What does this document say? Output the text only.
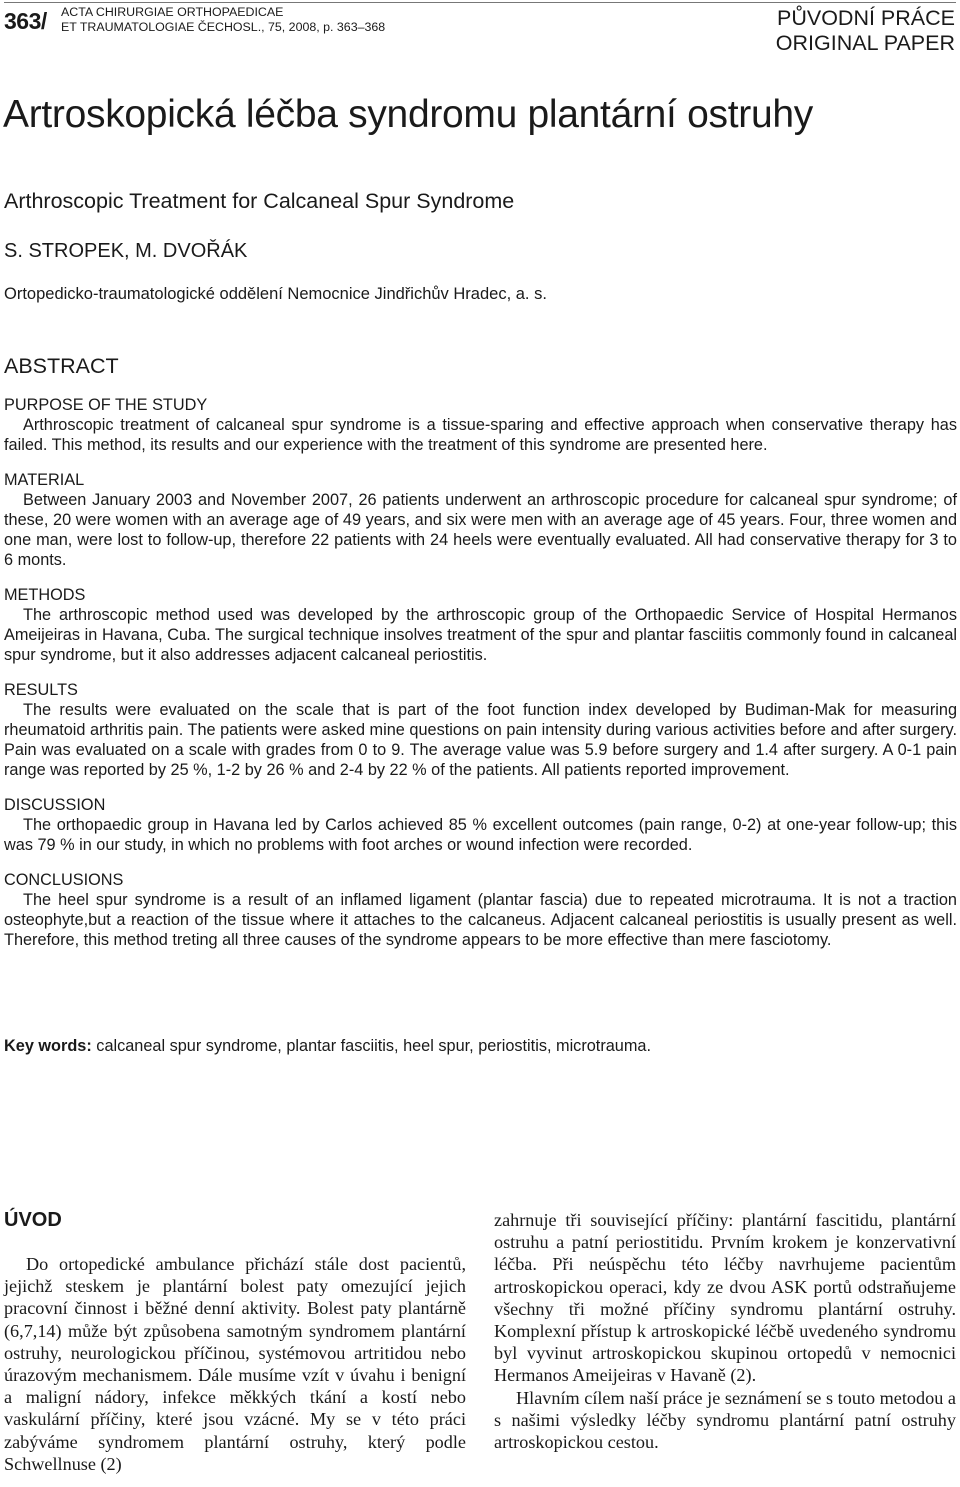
363/ ACTA CHIRURGIAE ORTHOPAEDICAE
ET TRAUMATOLOGIAE ČECHOSL., 75, 2008, p. 363–368	PŮVODNÍ PRÁCE
ORIGINAL PAPER
Artroskopická léčba syndromu plantární ostruhy
Arthroscopic Treatment for Calcaneal Spur Syndrome
S. STROPEK, M. DVOŘÁK
Ortopedicko-traumatologické oddělení Nemocnice Jindřichův Hradec, a. s.
ABSTRACT
PURPOSE OF THE STUDY
Arthroscopic treatment of calcaneal spur syndrome is a tissue-sparing and effective approach when conservative therapy has failed. This method, its results and our experience with the treatment of this syndrome are presented here.
MATERIAL
Between January 2003 and November 2007, 26 patients underwent an arthroscopic procedure for calcaneal spur syndrome; of these, 20 were women with an average age of 49 years, and six were men with an average age of 45 years. Four, three women and one man, were lost to follow-up, therefore 22 patients with 24 heels were eventually evaluated. All had conservative therapy for 3 to 6 monts.
METHODS
The arthroscopic method used was developed by the arthroscopic group of the Orthopaedic Service of Hospital Hermanos Ameijeiras in Havana, Cuba. The surgical technique insolves treatment of the spur and plantar fasciitis commonly found in calcaneal spur syndrome, but it also addresses adjacent calcaneal periostitis.
RESULTS
The results were evaluated on the scale that is part of the foot function index developed by Budiman-Mak for measuring rheumatoid arthritis pain. The patients were asked mine questions on pain intensity during various activities before and after surgery. Pain was evaluated on a scale with grades from 0 to 9. The average value was 5.9 before surgery and 1.4 after surgery. A 0-1 pain range was reported by 25 %, 1-2 by 26 % and 2-4 by 22 % of the patients. All patients reported improvement.
DISCUSSION
The orthopaedic group in Havana led by Carlos achieved 85 % excellent outcomes (pain range, 0-2) at one-year follow-up; this was 79 % in our study, in which no problems with foot arches or wound infection were recorded.
CONCLUSIONS
The heel spur syndrome is a result of an inflamed ligament (plantar fascia) due to repeated microtrauma. It is not a traction osteophyte,but a reaction of the tissue where it attaches to the calcaneus. Adjacent calcaneal periostitis is usually present as well. Therefore, this method treting all three causes of the syndrome appears to be more effective than mere fasciotomy.
Key words: calcaneal spur syndrome, plantar fasciitis, heel spur, periostitis, microtrauma.
ÚVOD

Do ortopedické ambulance přichází stále dost pacientů, jejichž steskem je plantární bolest paty omezující jejich pracovní činnost i běžné denní aktivity. Bolest paty plantárně (6,7,14) může být způsobena samotným syndromem plantární ostruhy, neurologickou příčinou, systémovou artritidou nebo úrazovým mechanismem. Dále musíme vzít v úvahu i benigní a maligní nádory, infekce měkkých tkání a kostí nebo vaskulární příčiny, které jsou vzácné. My se v této práci zabýváme syndromem plantární ostruhy, který podle Schwellnuse (2)

zahrnuje tři související příčiny: plantární fascitidu, plantární ostruhu a patní periostitidu. Prvním krokem je konzervativní léčba. Při neúspěchu této léčby navrhujeme pacientům artroskopickou operaci, kdy ze dvou ASK portů odstraňujeme všechny tři možné příčiny syndromu plantární ostruhy. Komplexní přístup k artroskopické léčbě uvedeného syndromu byl vyvinut artroskopickou skupinou ortopedů v nemocnici Hermanos Ameijeiras v Havaně (2).

Hlavním cílem naší práce je seznámení se s touto metodou a s našimi výsledky léčby syndromu plantární patní ostruhy artroskopickou cestou.
